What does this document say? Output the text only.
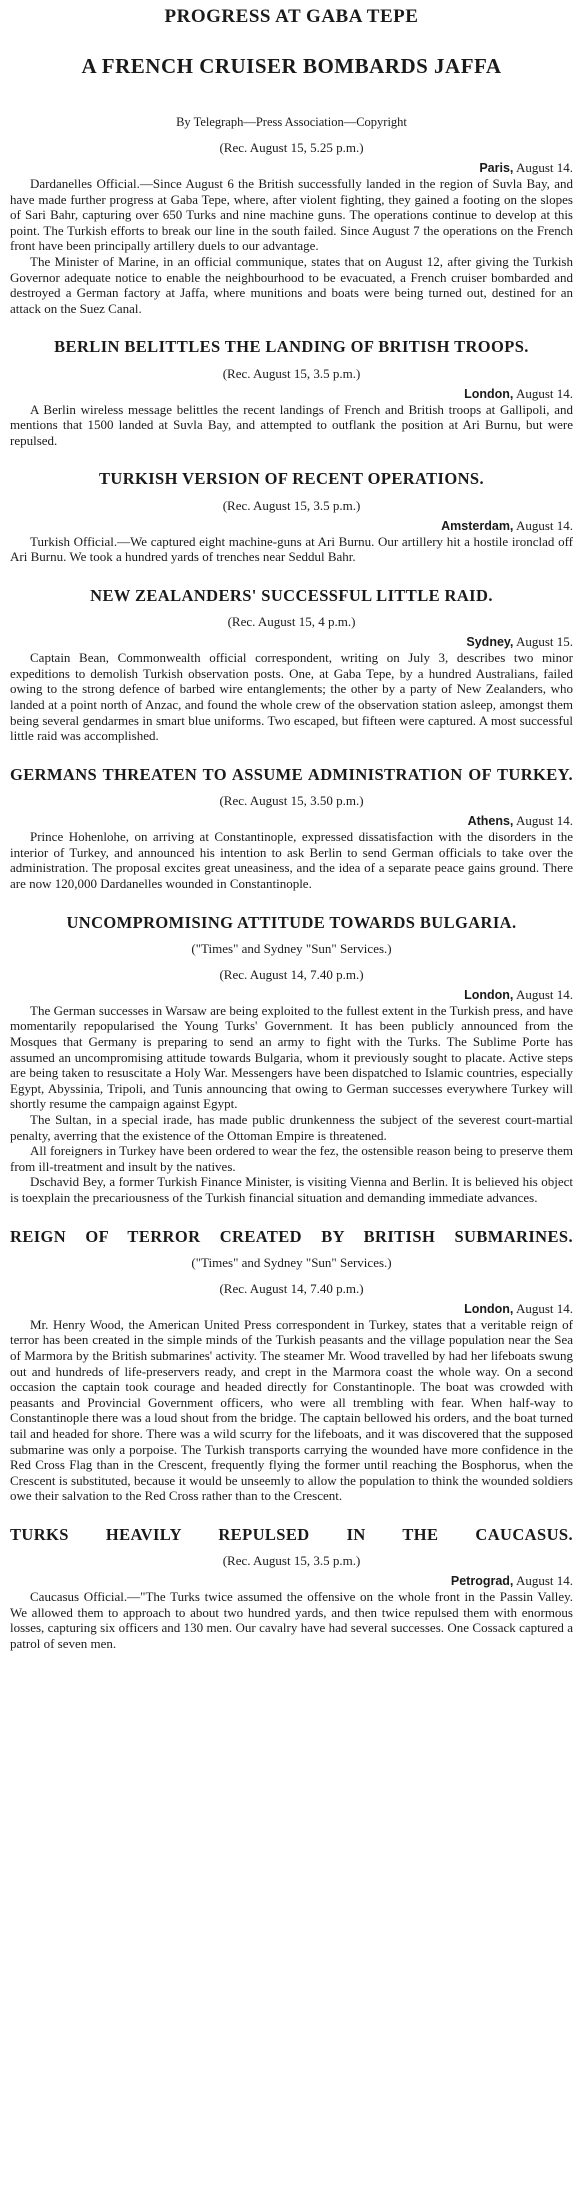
PROGRESS AT GABA TEPE
A FRENCH CRUISER BOMBARDS JAFFA

By Telegraph—Press Association—Copyright

(Rec. August 15, 5.25 p.m.)

Paris, August 14.

Dardanelles Official.—Since August 6 the British successfully landed in the region of Suvla Bay, and have made further progress at Gaba Tepe, where, after violent fighting, they gained a footing on the slopes of Sari Bahr, capturing over 650 Turks and nine machine guns. The operations continue to develop at this point. The Turkish efforts to break our line in the south failed. Since August 7 the operations on the French front have been principally artillery duels to our advantage.

The Minister of Marine, in an official communique, states that on August 12, after giving the Turkish Governor adequate notice to enable the neighbourhood to be evacuated, a French cruiser bombarded and destroyed a German factory at Jaffa, where munitions and boats were being turned out, destined for an attack on the Suez Canal.

BERLIN BELITTLES THE LANDING OF BRITISH TROOPS.

(Rec. August 15, 3.5 p.m.)

London, August 14.

A Berlin wireless message belittles the recent landings of French and British troops at Gallipoli, and mentions that 1500 landed at Suvla Bay, and attempted to outflank the position at Ari Burnu, but were repulsed.

TURKISH VERSION OF RECENT OPERATIONS.

(Rec. August 15, 3.5 p.m.)

Amsterdam, August 14.

Turkish Official.—We captured eight machine-guns at Ari Burnu. Our artillery hit a hostile ironclad off Ari Burnu. We took a hundred yards of trenches near Seddul Bahr.

NEW ZEALANDERS' SUCCESSFUL LITTLE RAID.

(Rec. August 15, 4 p.m.)

Sydney, August 15.

Captain Bean, Commonwealth official correspondent, writing on July 3, describes two minor expeditions to demolish Turkish observation posts. One, at Gaba Tepe, by a hundred Australians, failed owing to the strong defence of barbed wire entanglements; the other by a party of New Zealanders, who landed at a point north of Anzac, and found the whole crew of the observation station asleep, amongst them being several gendarmes in smart blue uniforms. Two escaped, but fifteen were captured. A most successful little raid was accomplished.

GERMANS THREATEN TO ASSUME ADMINISTRATION OF TURKEY.

(Rec. August 15, 3.50 p.m.)

Athens, August 14.

Prince Hohenlohe, on arriving at Constantinople, expressed dissatisfaction with the disorders in the interior of Turkey, and announced his intention to ask Berlin to send German officials to take over the administration. The proposal excites great uneasiness, and the idea of a separate peace gains ground. There are now 120,000 Dardanelles wounded in Constantinople.

UNCOMPROMISING ATTITUDE TOWARDS BULGARIA.

("Times" and Sydney "Sun" Services.)

(Rec. August 14, 7.40 p.m.)

London, August 14.

The German successes in Warsaw are being exploited to the fullest extent in the Turkish press, and have momentarily repopularised the Young Turks' Government. It has been publicly announced from the Mosques that Germany is preparing to send an army to fight with the Turks. The Sublime Porte has assumed an uncompromising attitude towards Bulgaria, whom it previously sought to placate. Active steps are being taken to resuscitate a Holy War. Messengers have been dispatched to Islamic countries, especially Egypt, Abyssinia, Tripoli, and Tunis announcing that owing to German successes everywhere Turkey will shortly resume the campaign against Egypt.

The Sultan, in a special irade, has made public drunkenness the subject of the severest court-martial penalty, averring that the existence of the Ottoman Empire is threatened.

All foreigners in Turkey have been ordered to wear the fez, the ostensible reason being to preserve them from ill-treatment and insult by the natives.

Dschavid Bey, a former Turkish Finance Minister, is visiting Vienna and Berlin. It is believed his object is toexplain the precariousness of the Turkish financial situation and demanding immediate advances.

REIGN OF TERROR CREATED BY BRITISH SUBMARINES.

("Times" and Sydney "Sun" Services.)

(Rec. August 14, 7.40 p.m.)

London, August 14.

Mr. Henry Wood, the American United Press correspondent in Turkey, states that a veritable reign of terror has been created in the simple minds of the Turkish peasants and the village population near the Sea of Marmora by the British submarines' activity. The steamer Mr. Wood travelled by had her lifeboats swung out and hundreds of life-preservers ready, and crept in the Marmora coast the whole way. On a second occasion the captain took courage and headed directly for Constantinople. The boat was crowded with peasants and Provincial Government officers, who were all trembling with fear. When half-way to Constantinople there was a loud shout from the bridge. The captain bellowed his orders, and the boat turned tail and headed for shore. There was a wild scurry for the lifeboats, and it was discovered that the supposed submarine was only a porpoise. The Turkish transports carrying the wounded have more confidence in the Red Cross Flag than in the Crescent, frequently flying the former until reaching the Bosphorus, when the Crescent is substituted, because it would be unseemly to allow the population to think the wounded soldiers owe their salvation to the Red Cross rather than to the Crescent.

TURKS HEAVILY REPULSED IN THE CAUCASUS.

(Rec. August 15, 3.5 p.m.)

Petrograd, August 14.

Caucasus Official.—"The Turks twice assumed the offensive on the whole front in the Passin Valley. We allowed them to approach to about two hundred yards, and then twice repulsed them with enormous losses, capturing six officers and 130 men. Our cavalry have had several successes. One Cossack captured a patrol of seven men.
